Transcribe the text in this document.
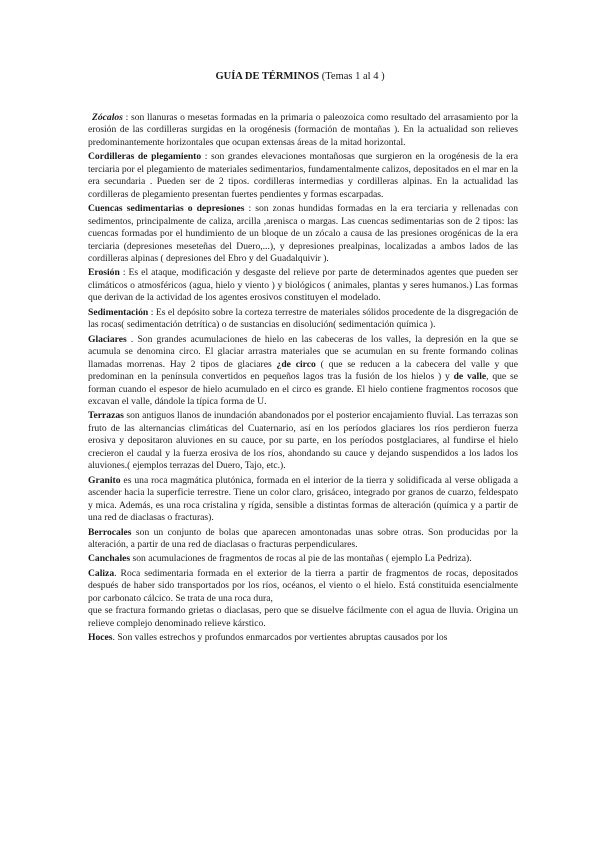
GUÍA DE TÉRMINOS (Temas 1 al 4 )

Zócalos : son llanuras o mesetas formadas en la primaria o paleozoica como resultado del arrasamiento por la erosión de las cordilleras surgidas en la orogénesis (formación de montañas ). En la actualidad son relieves predominantemente horizontales que ocupan extensas áreas de la mitad horizontal.

Cordilleras de plegamiento : son grandes elevaciones montañosas que surgieron en la orogénesis de la era terciaria por el plegamiento de materiales sedimentarios, fundamentalmente calizos, depositados en el mar en la era secundaria . Pueden ser de 2 tipos. cordilleras intermedias y cordilleras alpinas. En la actualidad las cordilleras de plegamiento presentan fuertes pendientes y formas escarpadas.

Cuencas sedimentarias o depresiones : son zonas hundidas formadas en la era terciaria y rellenadas con sedimentos, principalmente de caliza, arcilla ,arenisca o margas. Las cuencas sedimentarias son de 2 tipos: las cuencas formadas por el hundimiento de un bloque de un zócalo a causa de las presiones orogénicas de la era terciaria (depresiones meseteñas del Duero,...), y depresiones prealpinas, localizadas a ambos lados de las cordilleras alpinas ( depresiones del Ebro y del Guadalquivir ).

Erosión : Es el ataque, modificación y desgaste del relieve por parte de determinados agentes que pueden ser climáticos o atmosféricos (agua, hielo y viento ) y biológicos ( animales, plantas y seres humanos.) Las formas que derivan de la actividad de los agentes erosivos constituyen el modelado.

Sedimentación : Es el depósito sobre la corteza terrestre de materiales sólidos procedente de la disgregación de las rocas( sedimentación detrítica) o de sustancias en disolución( sedimentación química ).

Glaciares . Son grandes acumulaciones de hielo en las cabeceras de los valles, la depresión en la que se acumula se denomina circo. El glaciar arrastra materiales que se acumulan en su frente formando colinas llamadas morrenas. Hay 2 tipos de glaciares ¿de circo ( que se reducen a la cabecera del valle y que predominan en la península convertidos en pequeños lagos tras la fusión de los hielos ) y de valle, que se forman cuando el espesor de hielo acumulado en el circo es grande. El hielo contiene fragmentos rocosos que excavan el valle, dándole la típica forma de U.

Terrazas son antiguos llanos de inundación abandonados por el posterior encajamiento fluvial. Las terrazas son fruto de las alternancias climáticas del Cuaternario, así en los períodos glaciares los ríos perdieron fuerza erosiva y depositaron aluviones en su cauce, por su parte, en los períodos postglaciares, al fundirse el hielo crecieron el caudal y la fuerza erosiva de los ríos, ahondando su cauce y dejando suspendidos a los lados los aluviones.( ejemplos terrazas del Duero, Tajo, etc.).

Granito es una roca magmática plutónica, formada en el interior de la tierra y solidificada al verse obligada a ascender hacia la superficie terrestre. Tiene un color claro, grisáceo, integrado por granos de cuarzo, feldespato y mica. Además, es una roca cristalina y rígida, sensible a distintas formas de alteración (química y a partir de una red de diaclasas o fracturas).

Berrocales son un conjunto de bolas que aparecen amontonadas unas sobre otras. Son producidas por la alteración, a partir de una red de diaclasas o fracturas perpendiculares.

Canchales son acumulaciones de fragmentos de rocas al pie de las montañas ( ejemplo La Pedriza).

Caliza. Roca sedimentaria formada en el exterior de la tierra a partir de fragmentos de rocas, depositados después de haber sido transportados por los ríos, océanos, el viento o el hielo. Está constituida esencialmente por carbonato cálcico. Se trata de una roca dura,

que se fractura formando grietas o diaclasas, pero que se disuelve fácilmente con el agua de lluvia. Origina un relieve complejo denominado relieve kárstico.

Hoces. Son valles estrechos y profundos enmarcados por vertientes abruptas causados por los
